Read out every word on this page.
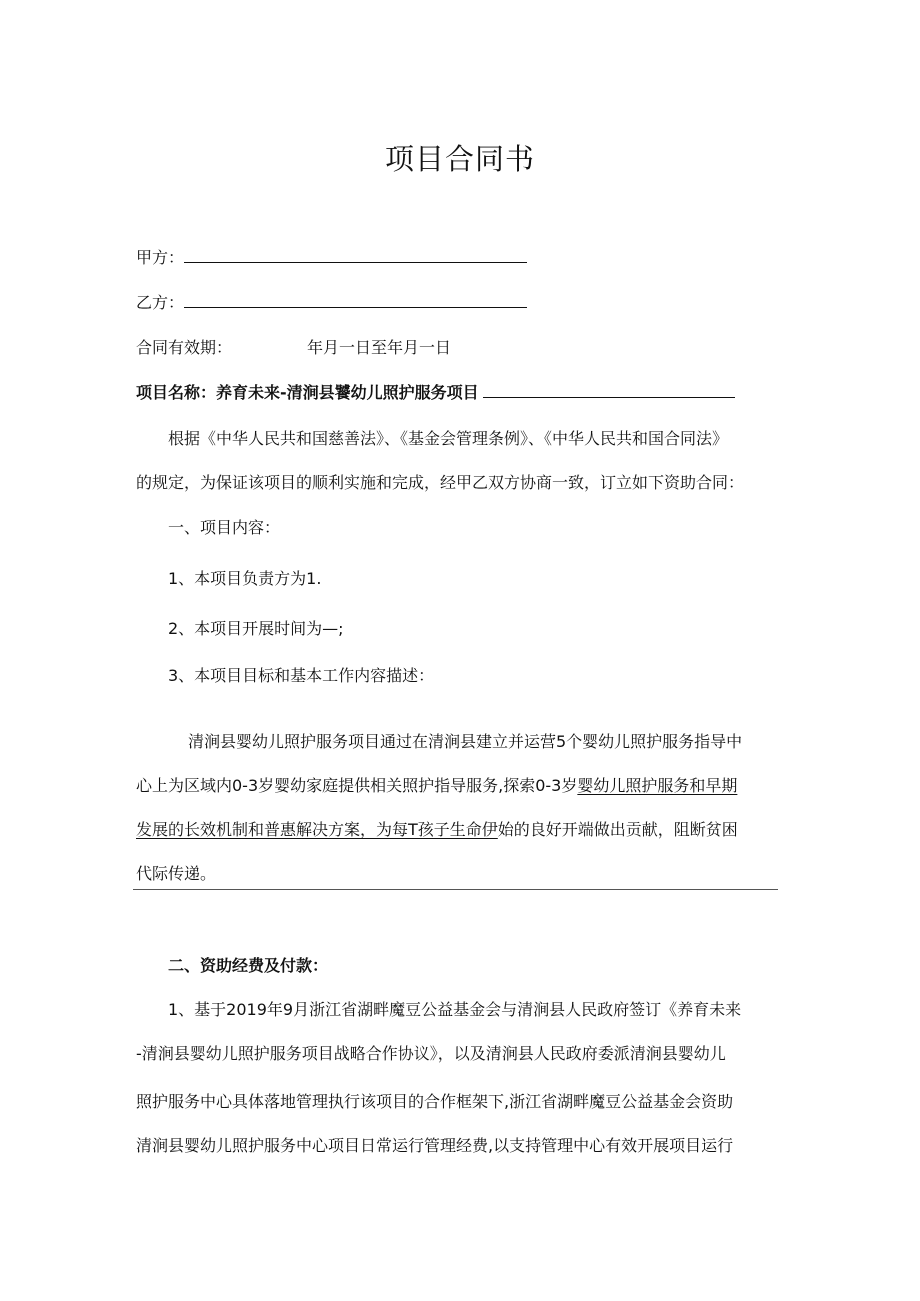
项目合同书
甲方：
乙方：
合同有效期：	年月一日至年月一日
项目名称：养育未来-清涧县饕幼儿照护服务项目
根据《中华人民共和国慈善法》、《基金会管理条例》、《中华人民共和国合同法》
的规定，为保证该项目的顺利实施和完成，经甲乙双方协商一致，订立如下资助合同：
一、项目内容：
1、本项目负责方为1.
2、本项目开展时间为—;
3、本项目目标和基本工作内容描述：
清涧县婴幼儿照护服务项目通过在清涧县建立并运营5个婴幼儿照护服务指导中
心上为区域内0-3岁婴幼家庭提供相关照护指导服务,探索0-3岁婴幼儿照护服务和早期
发展的长效机制和普惠解决方案，为每T孩子生命伊始的良好开端做出贡献，阻断贫困
代际传递。
二、资助经费及付款：
1、基于2019年9月浙江省湖畔魔豆公益基金会与清涧县人民政府签订《养育未来
-清涧县婴幼儿照护服务项目战略合作协议》，以及清涧县人民政府委派清涧县婴幼儿
照护服务中心具体落地管理执行该项目的合作框架下,浙江省湖畔魔豆公益基金会资助
清涧县婴幼儿照护服务中心项目日常运行管理经费,以支持管理中心有效开展项目运行
